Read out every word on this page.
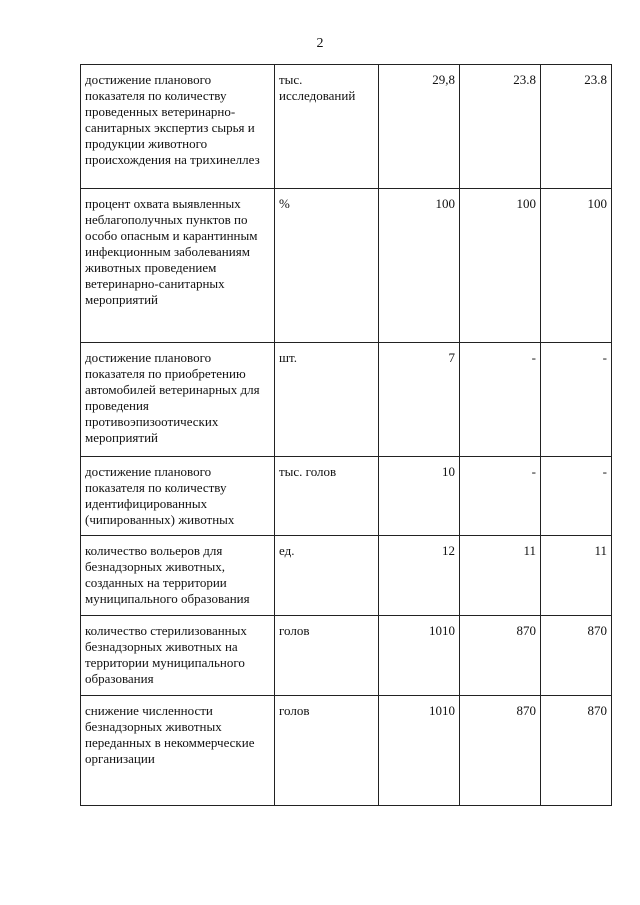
2
достижение планового показателя по количеству проведенных ветеринарно-санитарных экспертиз сырья и продукции животного происхождения на трихинеллез	тыс. исследований	29,8	23.8	23.8
процент охвата выявленных неблагополучных пунктов по особо опасным и карантинным инфекционным заболеваниям животных проведением ветеринарно-санитарных мероприятий	%	100	100	100
достижение планового показателя по приобретению автомобилей ветеринарных для проведения противоэпизоотических мероприятий	шт.	7	-	-
достижение планового показателя по количеству идентифицированных (чипированных) животных	тыс. голов	10	-	-
количество вольеров для безнадзорных животных, созданных на территории муниципального образования	ед.	12	11	11
количество стерилизованных безнадзорных животных на территории муниципального образования	голов	1010	870	870
снижение численности безнадзорных животных переданных в некоммерческие организации	голов	1010	870	870
